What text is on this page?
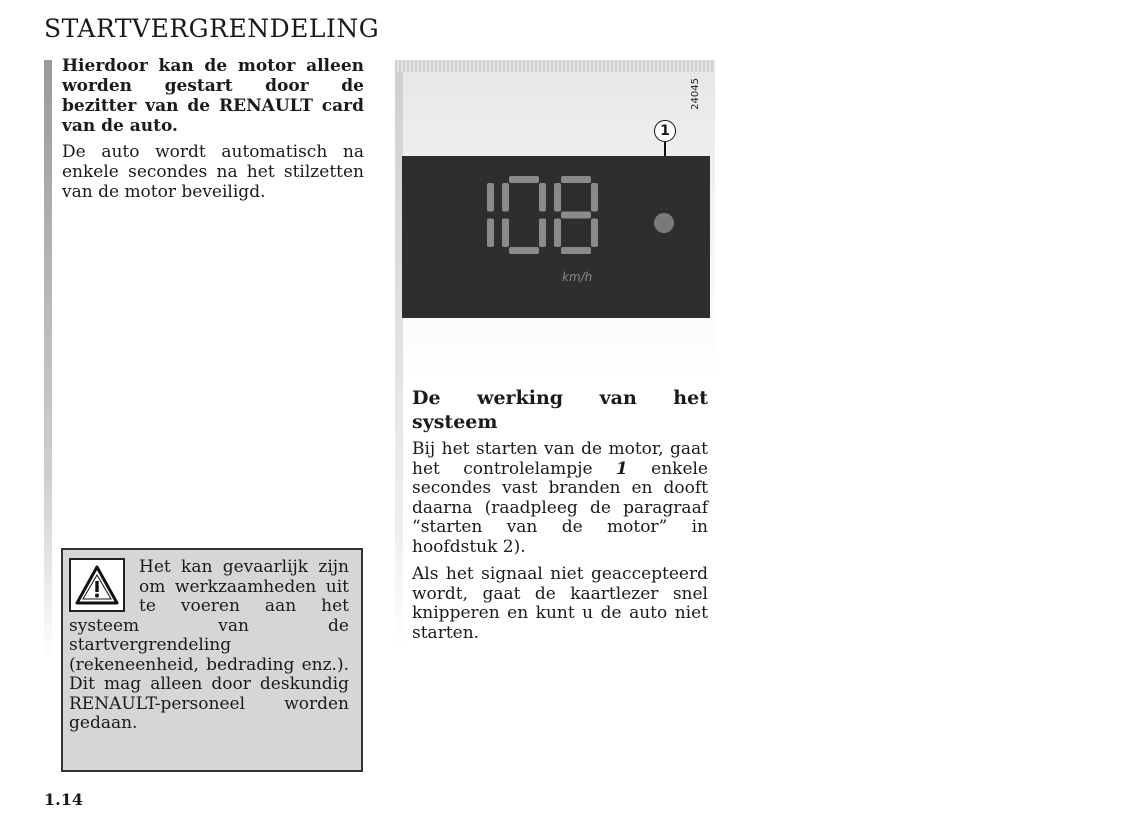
STARTVERGRENDELING

Hierdoor kan de motor alleen worden gestart door de bezitter van de RENAULT card van de auto.

De auto wordt automatisch na enkele secondes na het stilzetten van de motor beveiligd.

Het kan gevaarlijk zijn om werkzaamheden uit te voeren aan het systeem van de startvergrendeling (rekeneenheid, bedrading enz.). Dit mag alleen door deskundig RENAULT-personeel worden gedaan.

1.14
24045
1
km/h
De werking van het systeem

Bij het starten van de motor, gaat het controlelampje 1 enkele secondes vast branden en dooft daarna (raadpleeg de paragraaf “starten van de motor” in hoofdstuk 2).

Als het signaal niet geaccepteerd wordt, gaat de kaartlezer snel knipperen en kunt u de auto niet starten.
